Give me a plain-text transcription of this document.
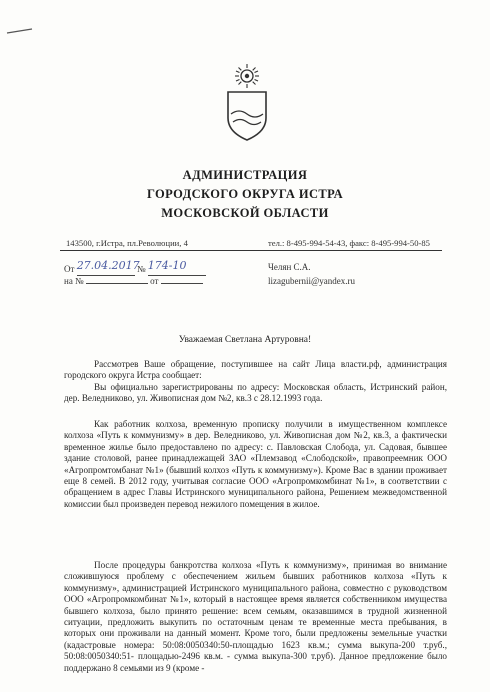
АДМИНИСТРАЦИЯ
ГОРОДСКОГО ОКРУГА ИСТРА
МОСКОВСКОЙ ОБЛАСТИ
143500, г.Истра, пл.Революции, 4	тел.: 8-495-994-54-43, факс: 8-495-994-50-85
От 27.04.2017 № 174-10
на №	от
Челян С.А.
lizagubernii@yandex.ru
Уважаемая Светлана Артуровна!
Рассмотрев Ваше обращение, поступившее на сайт Лица власти.рф, администрация городского округа Истра сообщает:
Вы официально зарегистрированы по адресу: Московская область, Истринский район, дер. Веледниково, ул. Живописная дом №2, кв.3 с 28.12.1993 года.
Как работник колхоза, временную прописку получили в имущественном комплексе колхоза «Путь к коммунизму» в дер. Веледниково, ул. Живописная дом №2, кв.3, а фактически временное жилье было предоставлено по адресу: с. Павловская Слобода, ул. Садовая, бывшее здание столовой, ранее принадлежащей ЗАО «Племзавод «Слободской», правопреемник ООО «Агропромтомбанат №1» (бывший колхоз «Путь к коммунизму»). Кроме Вас в здании проживает еще 8 семей. В 2012 году, учитывая согласие ООО «Агропромкомбинат №1», в соответствии с обращением в адрес Главы Истринского муниципального района, Решением межведомственной комиссии был произведен перевод нежилого помещения в жилое.
После процедуры банкротства колхоза «Путь к коммунизму», принимая во внимание сложившуюся проблему с обеспечением жильем бывших работников колхоза «Путь к коммунизму», администрацией Истринского муниципального района, совместно с руководством ООО «Агропромкомбинат №1», который в настоящее время является собственником имущества бывшего колхоза, было принято решение: всем семьям, оказавшимся в трудной жизненной ситуации, предложить выкупить по остаточным ценам те временные места пребывания, в которых они проживали на данный момент. Кроме того, были предложены земельные участки (кадастровые номера: 50:08:0050340:50-площадью 1623 кв.м.; сумма выкупа-200 т.руб., 50:08:0050340:51- площадью-2496 кв.м. - сумма выкупа-300 т.руб). Данное предложение было поддержано 8 семьями из 9 (кроме -
